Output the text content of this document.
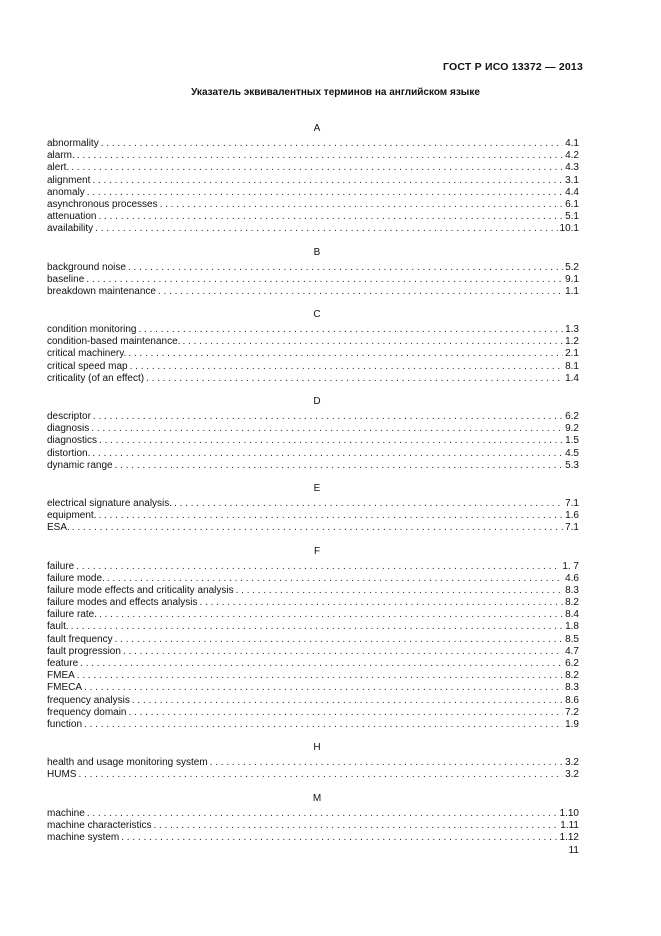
ГОСТ Р ИСО 13372 — 2013
Указатель эквивалентных терминов на английском языке
A
abnormality . . .	4.1
alarm. . . .	4.2
alert. . . .	4.3
alignment . . .	3.1
anomaly . . .	4.4
asynchronous processes . . .	6.1
attenuation . . .	5.1
availability . . .	10.1
B
background noise . . .	5.2
baseline . . .	9.1
breakdown maintenance . . .	1.1
C
condition monitoring . . .	1.3
condition-based maintenance. . . .	1.2
critical machinery. . . .	2.1
critical speed map . . .	8.1
criticality (of an effect) . . .	1.4
D
descriptor . . .	6.2
diagnosis . . .	9.2
diagnostics . . .	1.5
distortion. . . .	4.5
dynamic range . . .	5.3
E
electrical signature analysis. . . .	7.1
equipment. . . .	1.6
ESA. . . .	7.1
F
failure . . .	1. 7
failure mode. . . .	4.6
failure mode effects and criticality analysis . . .	8.3
failure modes and effects analysis . . .	8.2
failure rate. . . .	8.4
fault. . . .	1.8
fault frequency . . .	8.5
fault progression . . .	4.7
feature . . .	6.2
FMEA . . .	8.2
FMECA . . .	8.3
frequency analysis . . .	8.6
frequency domain . . .	7.2
function . . .	1.9
H
health and usage monitoring system . . .	3.2
HUMS . . .	3.2
M
machine . . .	1.10
machine characteristics . . .	1.11
machine system . . .	1.12
11
